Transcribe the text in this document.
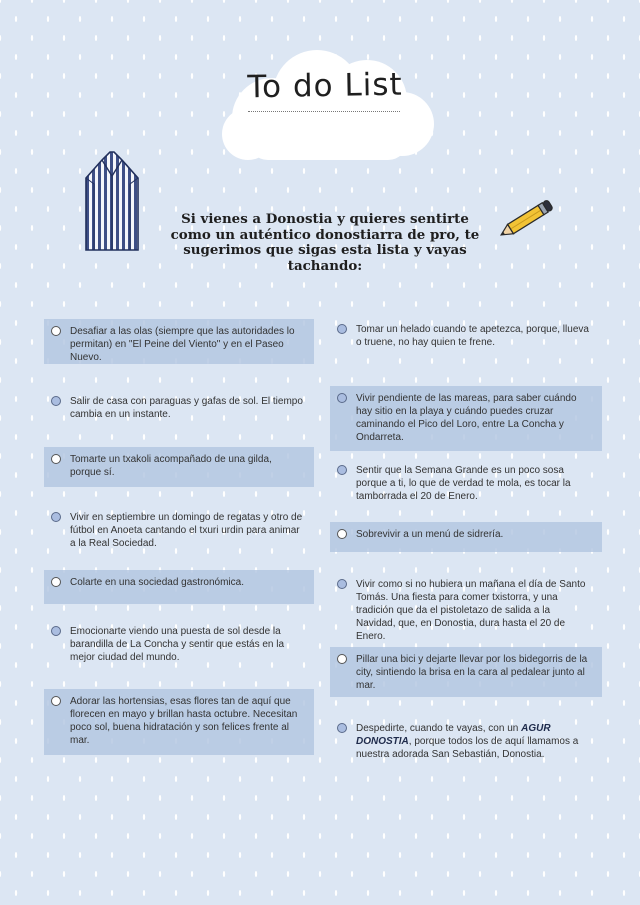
To do List
Si vienes a Donostia y quieres sentirte como un auténtico donostiarra de pro, te sugerimos que sigas esta lista y vayas tachando:
Desafiar a las olas (siempre que las autoridades lo permitan) en "El Peine del Viento" y en el Paseo Nuevo.
Salir de casa con paraguas y gafas de sol. El tiempo cambia en un instante.
Tomarte un txakoli acompañado de una gilda, porque sí.
Vivir en septiembre un domingo de regatas y otro de fútbol en Anoeta cantando el txuri urdin para animar a la Real Sociedad.
Colarte en una sociedad gastronómica.
Emocionarte viendo una puesta de sol desde la barandilla de La Concha y sentir que estás en la mejor ciudad del mundo.
Adorar las hortensias, esas flores tan de aquí que florecen en mayo y brillan hasta octubre. Necesitan poco sol, buena hidratación y son felices frente al mar.
Tomar un helado cuando te apetezca, porque, llueva o truene, no hay quien te frene.
Vivir pendiente de las mareas, para saber cuándo hay sitio en la playa y cuándo puedes cruzar caminando el Pico del Loro, entre La Concha y Ondarreta.
Sentir que la Semana Grande es un poco sosa porque a ti, lo que de verdad te mola, es tocar la tamborrada el 20 de Enero.
Sobrevivir a un menú de sidrería.
Vivir como si no hubiera un mañana el día de Santo Tomás. Una fiesta para comer txistorra, y una tradición que da el pistoletazo de salida a la Navidad, que, en Donostia, dura hasta el 20 de Enero.
Pillar una bici y dejarte llevar por los bidegorris de la city, sintiendo la brisa en la cara al pedalear junto al mar.
Despedirte, cuando te vayas, con un AGUR DONOSTIA, porque todos los de aquí llamamos a nuestra adorada San Sebastián, Donostia.
